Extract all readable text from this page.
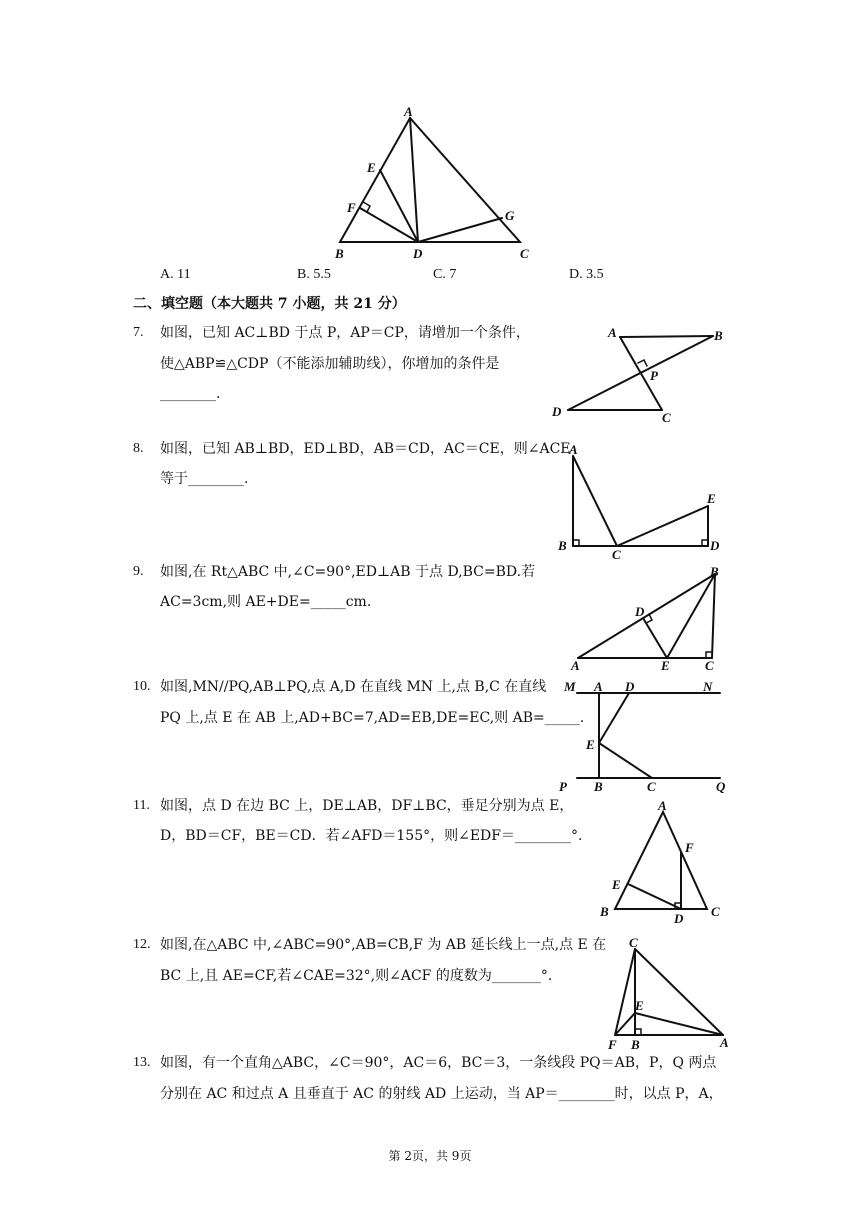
A
E
F
B	D
G
C
A. 11	B. 5.5	C. 7	D. 3.5
二、填空题（本大题共 7 小题，共 21 分）
7. 如图，已知 AC⊥BD 于点 P，AP＝CP，请增加一个条件，
使△ABP≌△CDP（不能添加辅助线），你增加的条件是
________.
A	B
P
D	C
8. 如图，已知 AB⊥BD，ED⊥BD，AB＝CD，AC＝CE，则∠ACE
等于________.
A
B
C
D
E
9. 如图,在 Rt△ABC 中,∠C=90°,ED⊥AB 于点 D,BC=BD.若
AC=3cm,则 AE+DE=_____cm.
B
D
A	E	C
10. 如图,MN//PQ,AB⊥PQ,点 A,D 在直线 MN 上,点 B,C 在直线
PQ 上,点 E 在 AB 上,AD+BC=7,AD=EB,DE=EC,则 AB=_____.
M A D	N
E
P B	C	Q
11. 如图，点 D 在边 BC 上，DE⊥AB，DF⊥BC，垂足分别为点 E，
D，BD＝CF，BE＝CD．若∠AFD＝155°，则∠EDF＝________°.
A
F
E
B	D C
12. 如图,在△ABC 中,∠ABC=90°,AB=CB,F 为 AB 延长线上一点,点 E 在
BC 上,且 AE=CF,若∠CAE=32°,则∠ACF 的度数为_______°.
C
E
F B	A
13. 如图，有一个直角△ABC，∠C＝90°，AC＝6，BC＝3，一条线段 PQ＝AB，P，Q 两点
分别在 AC 和过点 A 且垂直于 AC 的射线 AD 上运动，当 AP＝________时，以点 P，A，
第 2页，共 9页
